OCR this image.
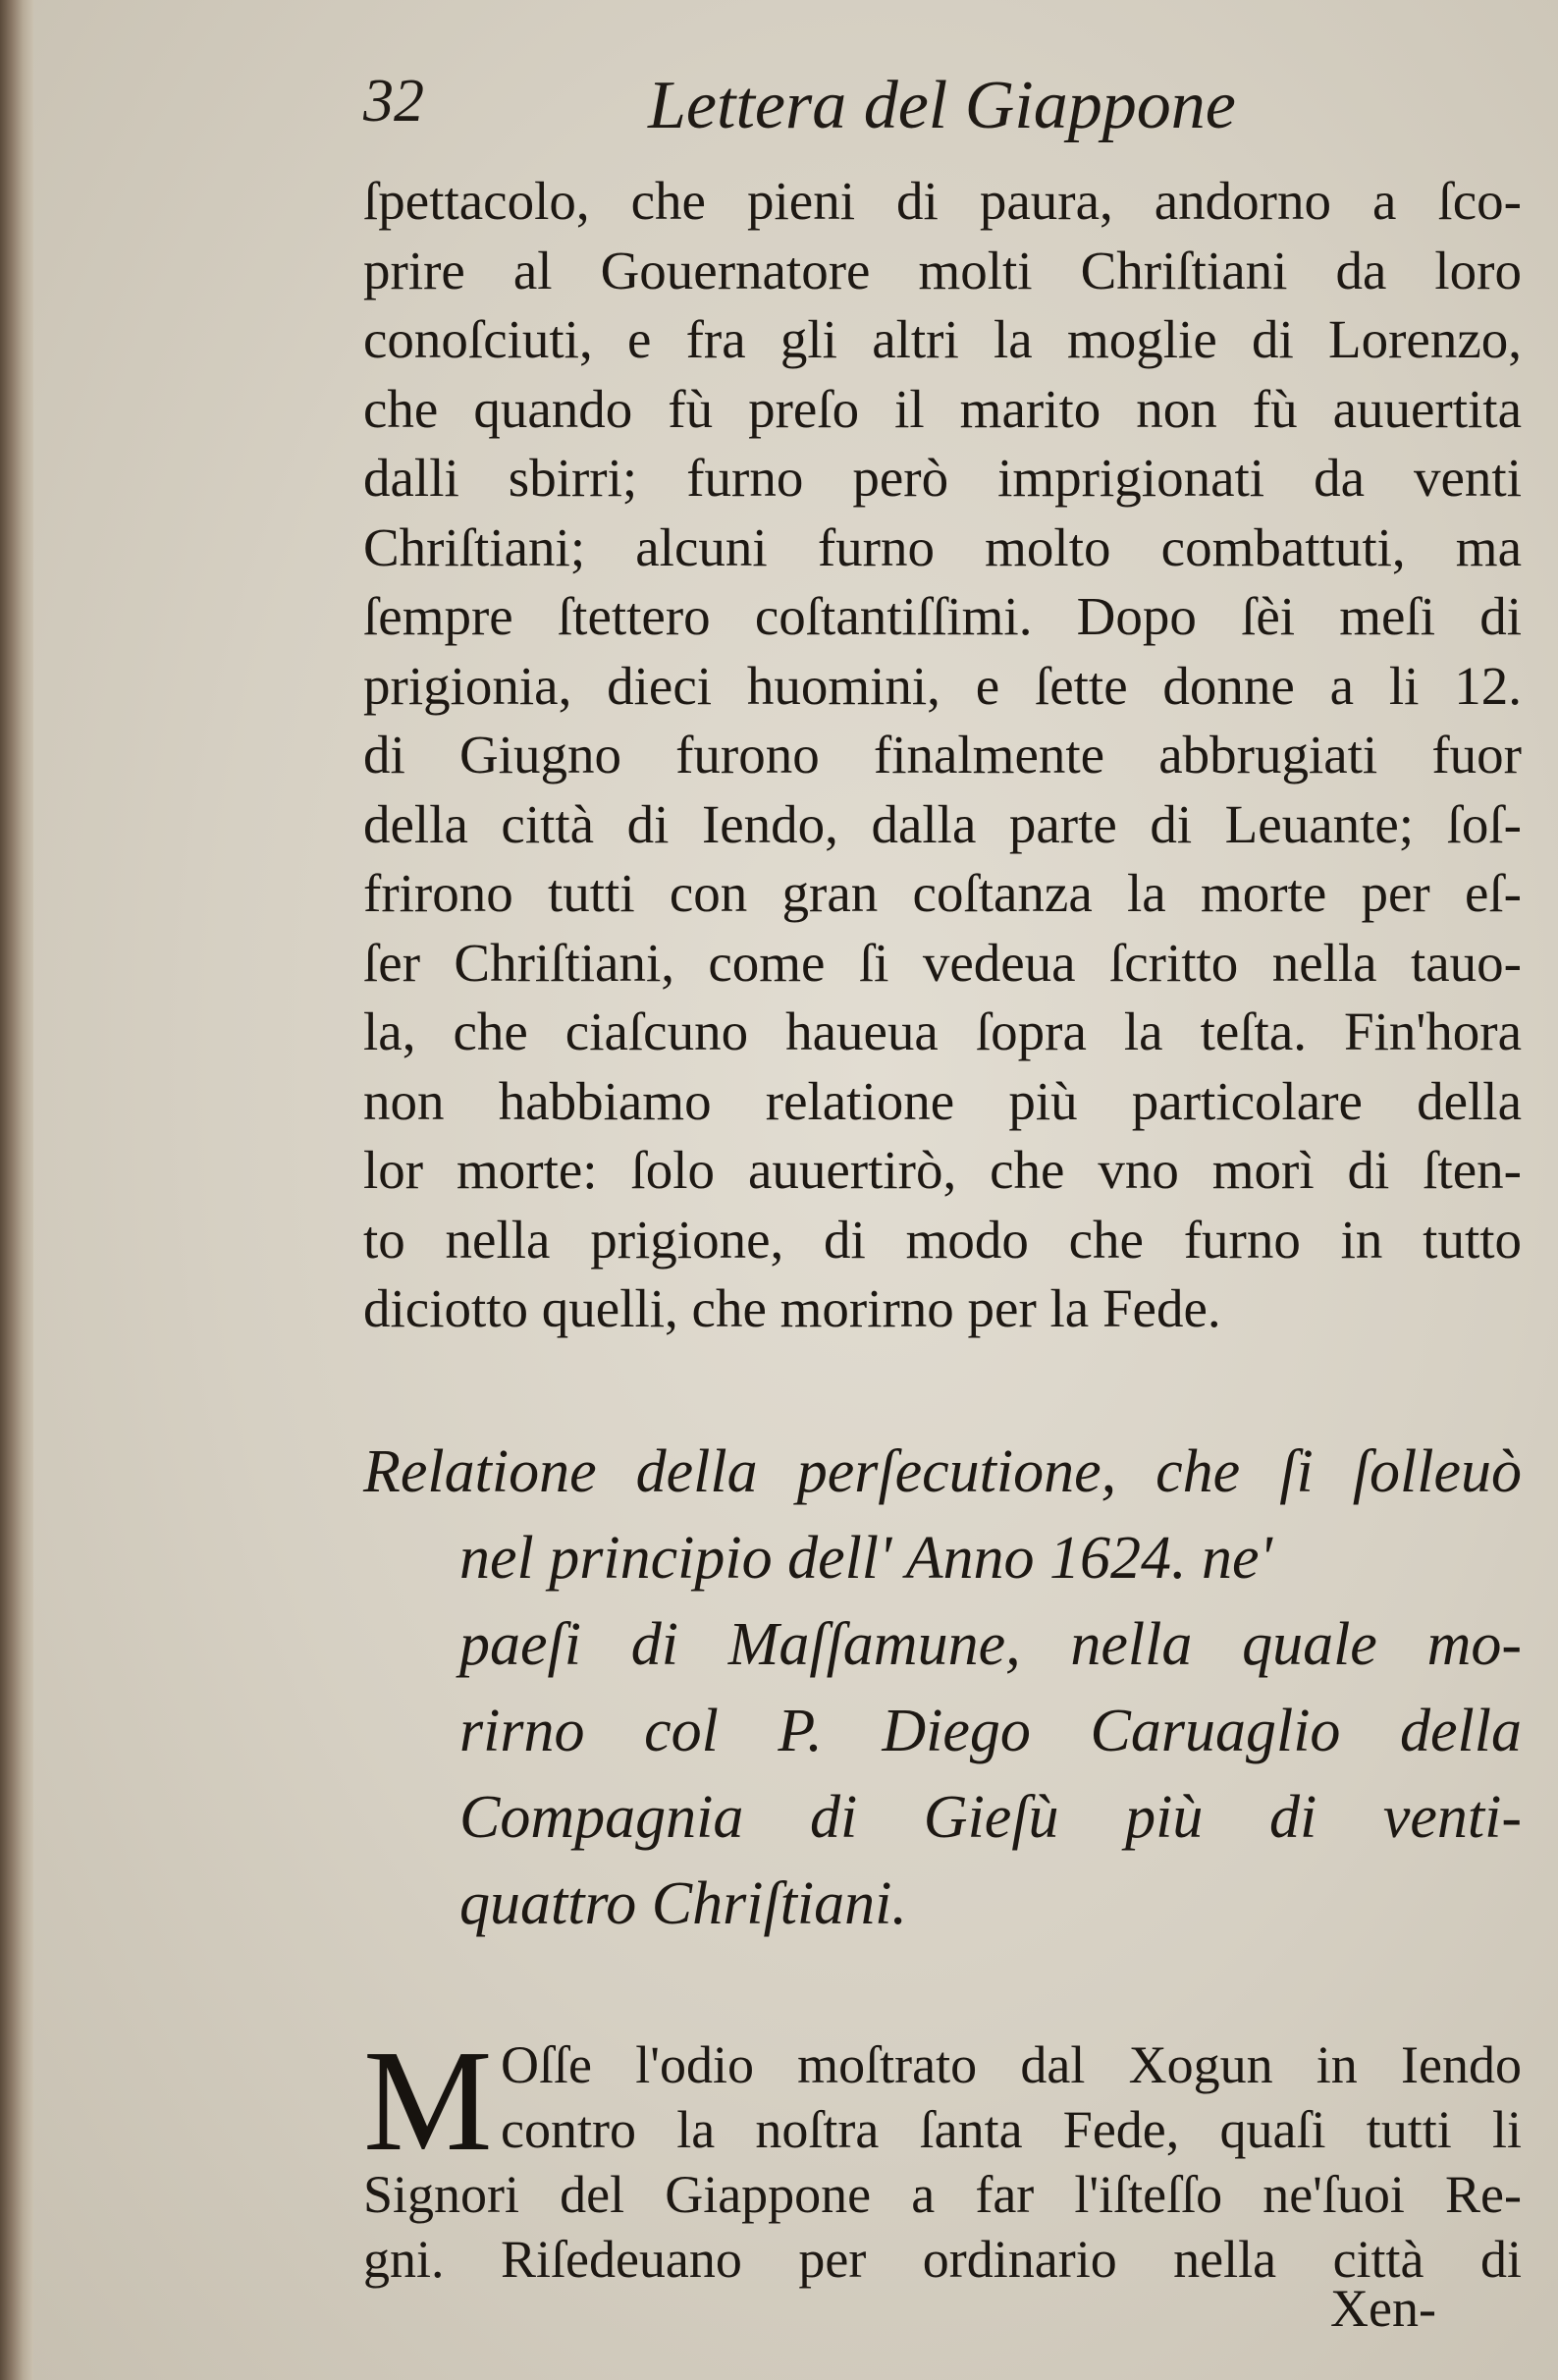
32	Lettera del Giappone
ſpettacolo, che pieni di paura, andorno a ſco-
prire al Gouernatore molti Chriſtiani da loro
conoſciuti, e fra gli altri la moglie di Lorenzo,
che quando fù preſo il marito non fù auuertita
dalli sbirri; furno però imprigionati da venti
Chriſtiani; alcuni furno molto combattuti, ma
ſempre ſtettero coſtantiſſimi. Dopo ſèi meſi di
prigionia, dieci huomini, e ſette donne a li 12.
di Giugno furono finalmente abbrugiati fuor
della città di Iendo, dalla parte di Leuante; ſoſ-
frirono tutti con gran coſtanza la morte per eſ-
ſer Chriſtiani, come ſi vedeua ſcritto nella tauo-
la, che ciaſcuno haueua ſopra la teſta. Fin'hora
non habbiamo relatione più particolare della
lor morte: ſolo auuertirò, che vno morì di ſten-
to nella prigione, di modo che furno in tutto
diciotto quelli, che morirno per la Fede.
Relatione della perſecutione, che ſi ſolleuò
nel principio dell' Anno 1624. ne'
paeſi di Maſſamune, nella quale mo-
rirno col P. Diego Caruaglio della
Compagnia di Gieſù più di venti-
quattro Chriſtiani.
M Oſſe l'odio moſtrato dal Xogun in Iendo
contro la noſtra ſanta Fede, quaſi tutti li
Signori del Giappone a far l'iſteſſo ne'ſuoi Re-
gni. Riſedeuano per ordinario nella città di
Xen-
